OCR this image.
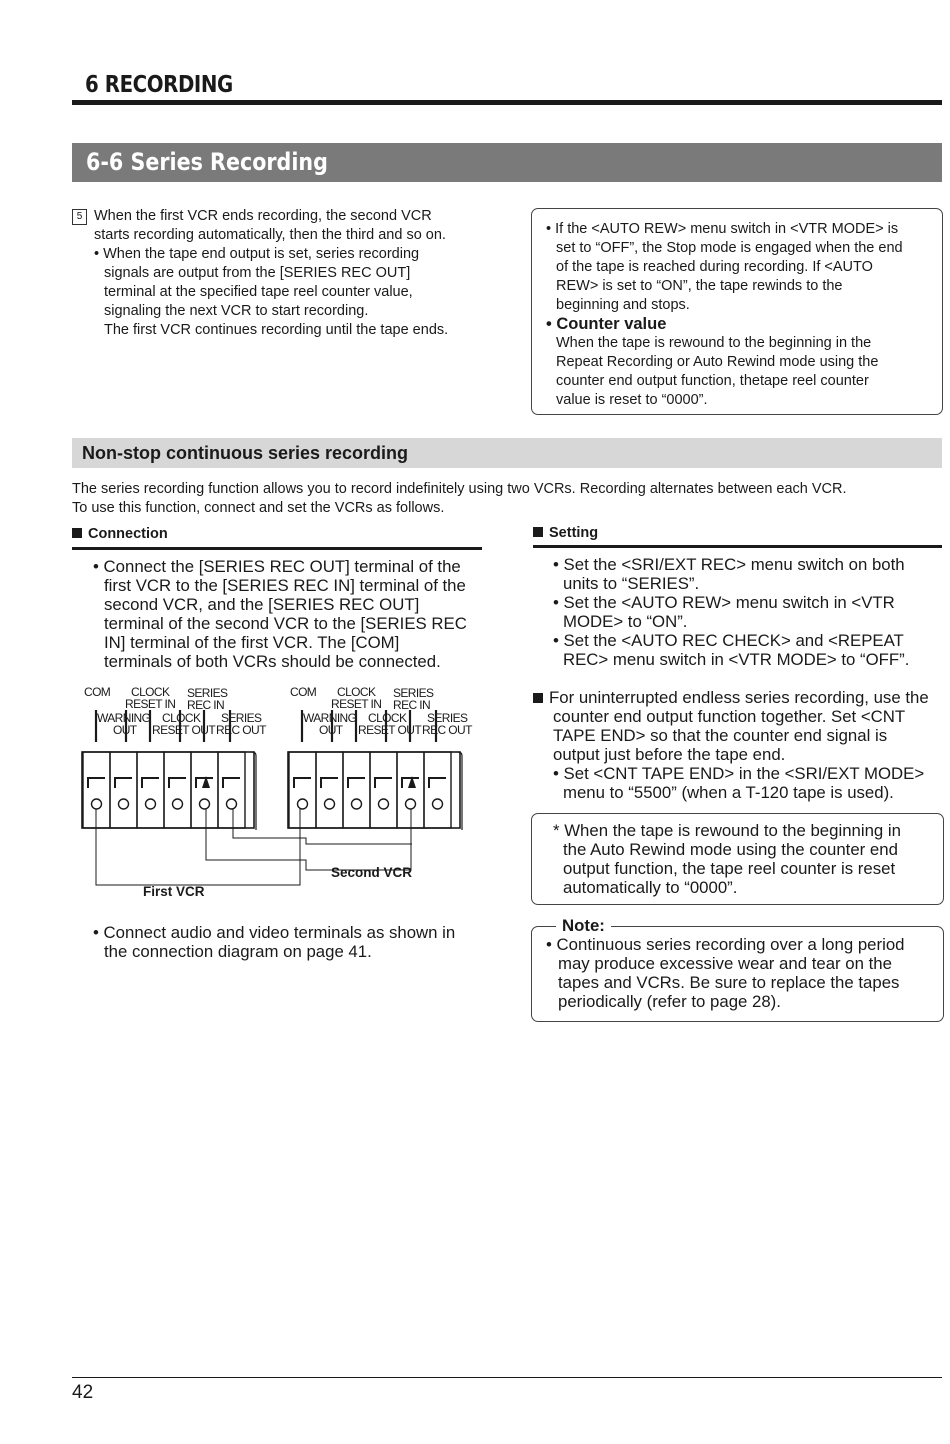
6 RECORDING
6-6 Series Recording
5 When the first VCR ends recording, the second VCR
starts recording automatically, then the third and so on.
• When the tape end output is set, series recording
signals are output from the [SERIES REC OUT]
terminal at the specified tape reel counter value,
signaling the next VCR to start recording.
The first VCR continues recording until the tape ends.
• If the <AUTO REW> menu switch in <VTR MODE> is
set to “OFF”, the Stop mode is engaged when the end
of the tape is reached during recording. If <AUTO
REW> is set to “ON”, the tape rewinds to the
beginning and stops.
• Counter value
When the tape is rewound to the beginning in the
Repeat Recording or Auto Rewind mode using the
counter end output function, thetape reel counter
value is reset to “0000”.
Non-stop continuous series recording
The series recording function allows you to record indefinitely using two VCRs. Recording alternates between each VCR.
To use this function, connect and set the VCRs as follows.
Connection
• Connect the [SERIES REC OUT] terminal of the
first VCR to the [SERIES REC IN] terminal of the
second VCR, and the [SERIES REC OUT]
terminal of the second VCR to the [SERIES REC
IN] terminal of the first VCR. The [COM]
terminals of both VCRs should be connected.
COM CLOCK
RESET IN
SERIES
REC IN
WARNING
OUT
CLOCK
RESET OUT
SERIES
REC OUT
COM CLOCK
RESET IN
SERIES
REC IN
WARNING
OUT
CLOCK
RESET OUT
SERIES
REC OUT
First VCR
Second VCR
• Connect audio and video terminals as shown in
the connection diagram on page 41.
Setting
• Set the <SRI/EXT REC> menu switch on both
units to “SERIES”.
• Set the <AUTO REW> menu switch in <VTR
MODE> to “ON”.
• Set the <AUTO REC CHECK> and <REPEAT
REC> menu switch in <VTR MODE> to “OFF”.
For uninterrupted endless series recording, use the
counter end output function together. Set <CNT
TAPE END> so that the counter end signal is
output just before the tape end.
• Set <CNT TAPE END> in the <SRI/EXT MODE>
menu to “5500” (when a T-120 tape is used).
* When the tape is rewound to the beginning in
the Auto Rewind mode using the counter end
output function, the tape reel counter is reset
automatically to “0000”.
Note:
• Continuous series recording over a long period
may produce excessive wear and tear on the
tapes and VCRs. Be sure to replace the tapes
periodically (refer to page 28).
42
